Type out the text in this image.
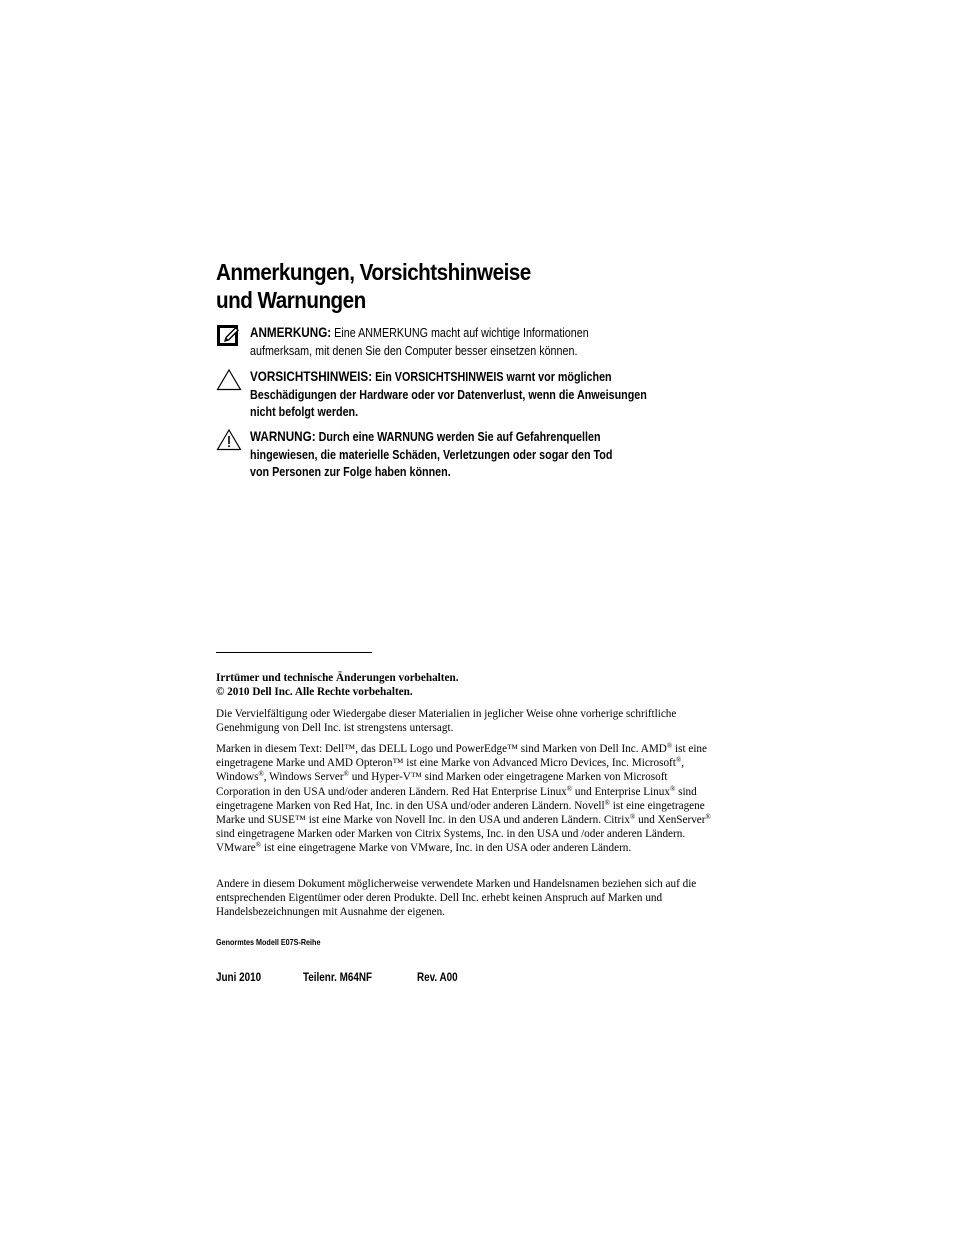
Anmerkungen, Vorsichtshinweise
und Warnungen
ANMERKUNG: Eine ANMERKUNG macht auf wichtige Informationen
aufmerksam, mit denen Sie den Computer besser einsetzen können.
VORSICHTSHINWEIS: Ein VORSICHTSHINWEIS warnt vor möglichen
Beschädigungen der Hardware oder vor Datenverlust, wenn die Anweisungen
nicht befolgt werden.
WARNUNG: Durch eine WARNUNG werden Sie auf Gefahrenquellen
hingewiesen, die materielle Schäden, Verletzungen oder sogar den Tod
von Personen zur Folge haben können.
Irrtümer und technische Änderungen vorbehalten.
© 2010 Dell Inc. Alle Rechte vorbehalten.
Die Vervielfältigung oder Wiedergabe dieser Materialien in jeglicher Weise ohne vorherige schriftliche Genehmigung von Dell Inc. ist strengstens untersagt.
Marken in diesem Text: Dell™, das DELL Logo und PowerEdge™ sind Marken von Dell Inc. AMD® ist eine eingetragene Marke und AMD Opteron™ ist eine Marke von Advanced Micro Devices, Inc. Microsoft®, Windows®, Windows Server® und Hyper-V™ sind Marken oder eingetragene Marken von Microsoft Corporation in den USA und/oder anderen Ländern. Red Hat Enterprise Linux® und Enterprise Linux® sind eingetragene Marken von Red Hat, Inc. in den USA und/oder anderen Ländern. Novell® ist eine eingetragene Marke und SUSE™ ist eine Marke von Novell Inc. in den USA und anderen Ländern. Citrix® und XenServer® sind eingetragene Marken oder Marken von Citrix Systems, Inc. in den USA und /oder anderen Ländern. VMware® ist eine eingetragene Marke von VMware, Inc. in den USA oder anderen Ländern.
Andere in diesem Dokument möglicherweise verwendete Marken und Handelsnamen beziehen sich auf die entsprechenden Eigentümer oder deren Produkte. Dell Inc. erhebt keinen Anspruch auf Marken und Handelsbezeichnungen mit Ausnahme der eigenen.
Genormtes Modell E07S-Reihe
Juni 2010	Teilenr. M64NF	Rev. A00
